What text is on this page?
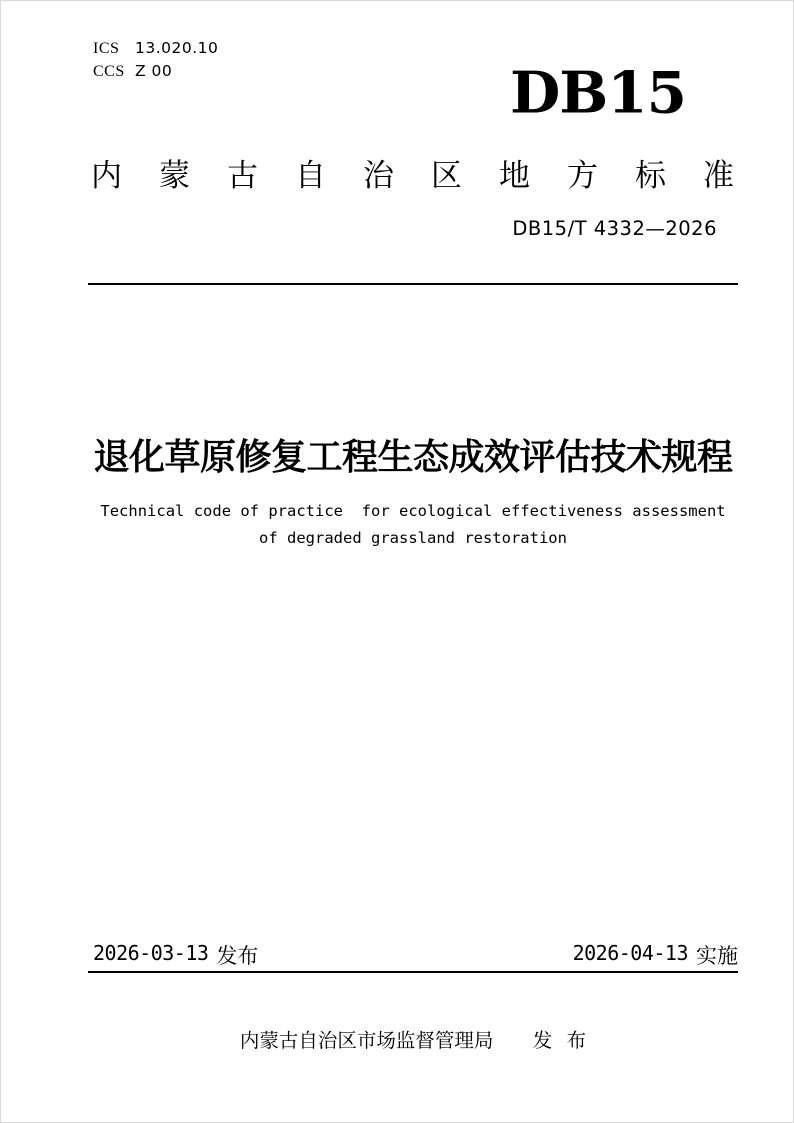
ICS	13.020.10
CCS Z 00	DB15
内蒙古自治区地方标准
DB15/T 4332—2026
退化草原修复工程生态成效评估技术规程
Technical code of practice  for ecological effectiveness assessment
of degraded grassland restoration
2026-03-13 发布	2026-04-13 实施
内蒙古自治区市场监督管理局 发 布
